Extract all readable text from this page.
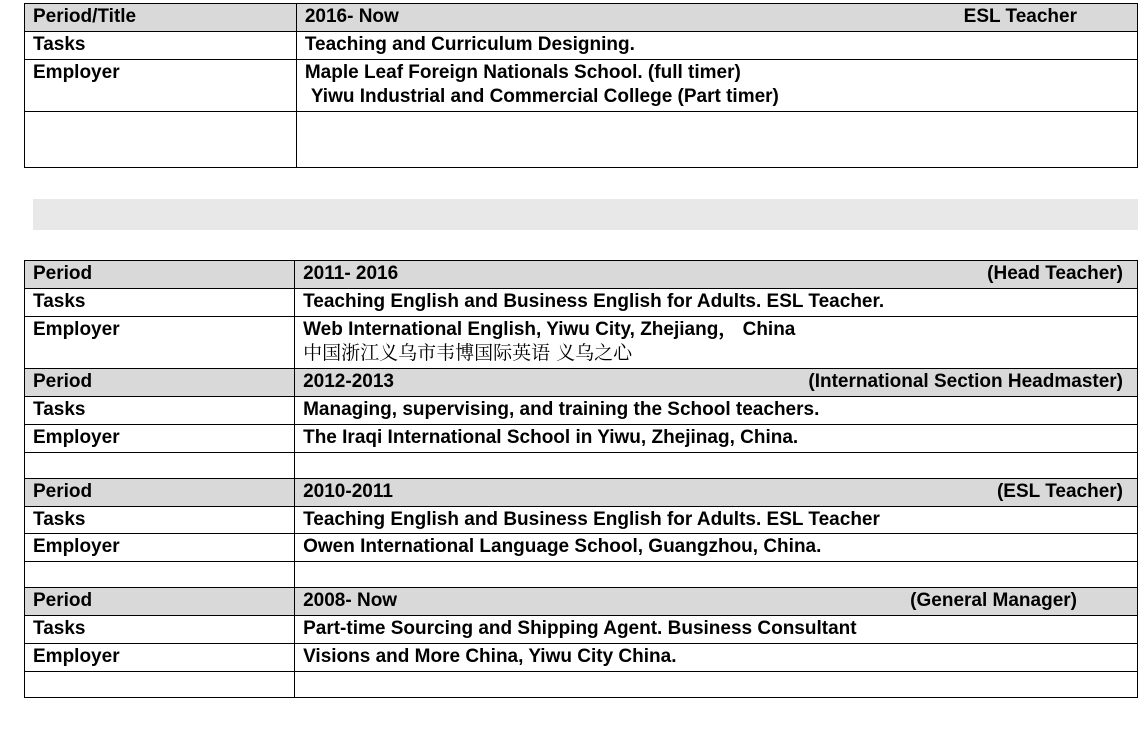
Period/Title	2016- Now ESL Teacher

Tasks	Teaching and Curriculum Designing.
Employer	Maple Leaf Foreign Nationals School. (full timer)
Yiwu Industrial and Commercial College (Part timer)

Period	2011- 2016 (Head Teacher)

Tasks	Teaching English and Business English for Adults. ESL Teacher.

Employer	Web International English, Yiwu City, Zhejiang， China
中国浙江义乌市韦博国际英语 义乌之心

Period	2012-2013 (International Section Headmaster)

Tasks	Managing, supervising, and training the School teachers.
Employer	The Iraqi International School in Yiwu, Zhejinag, China.

Period	2010-2011 (ESL Teacher)

Tasks	Teaching English and Business English for Adults. ESL Teacher
Employer	Owen International Language School, Guangzhou, China.

Period	2008- Now (General Manager)

Tasks	Part-time Sourcing and Shipping Agent. Business Consultant
Employer	Visions and More China, Yiwu City China.
